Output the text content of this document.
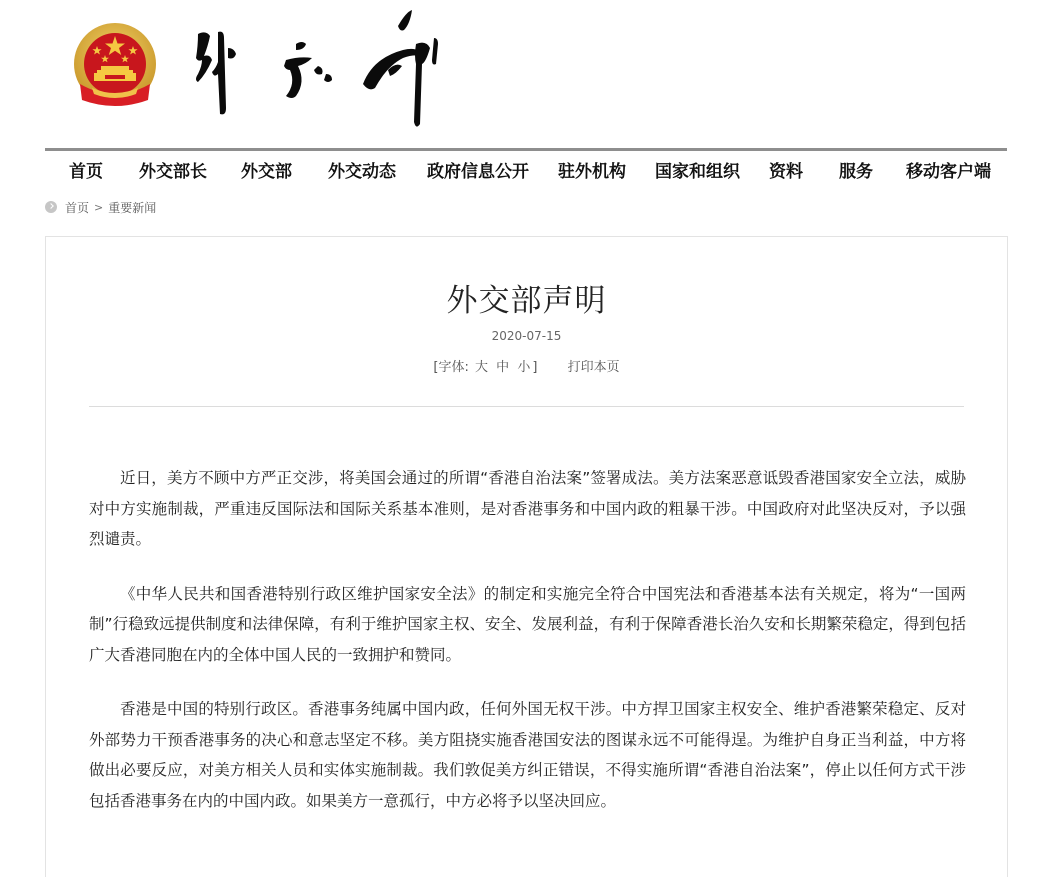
首页 外交部长 外交部 外交动态 政府信息公开 驻外机构 国家和组织 资料 服务 移动客户端
首页 > 重要新闻
外交部声明
2020-07-15
[字体: 大 中 小 ] 打印本页

近日，美方不顾中方严正交涉，将美国会通过的所谓“香港自治法案”签署成法。美方法案恶意诋毁香港国家安全立法，威胁对中方实施制裁，严重违反国际法和国际关系基本准则，是对香港事务和中国内政的粗暴干涉。中国政府对此坚决反对，予以强烈谴责。

《中华人民共和国香港特别行政区维护国家安全法》的制定和实施完全符合中国宪法和香港基本法有关规定，将为“一国两制”行稳致远提供制度和法律保障，有利于维护国家主权、安全、发展利益，有利于保障香港长治久安和长期繁荣稳定，得到包括广大香港同胞在内的全体中国人民的一致拥护和赞同。

香港是中国的特别行政区。香港事务纯属中国内政，任何外国无权干涉。中方捍卫国家主权安全、维护香港繁荣稳定、反对外部势力干预香港事务的决心和意志坚定不移。美方阻挠实施香港国安法的图谋永远不可能得逞。为维护自身正当利益，中方将做出必要反应，对美方相关人员和实体实施制裁。我们敦促美方纠正错误，不得实施所谓“香港自治法案”，停止以任何方式干涉包括香港事务在内的中国内政。如果美方一意孤行，中方必将予以坚决回应。
